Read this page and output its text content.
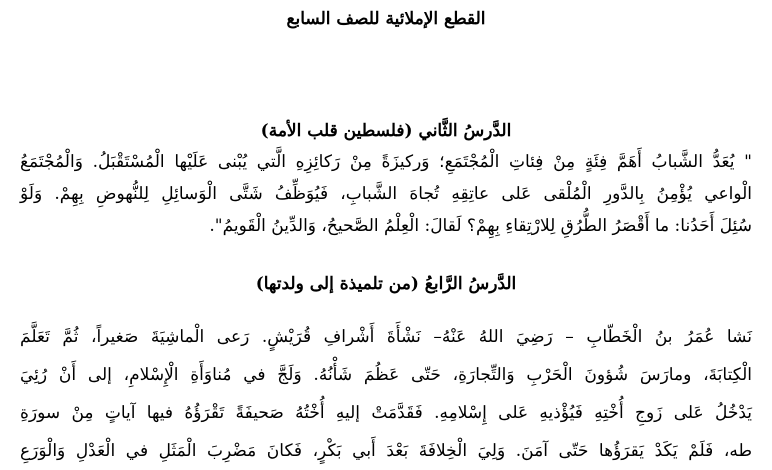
القطع الإملائية للصف السابع
الدَّرسُ الثَّاني (فلسطين قلب الأمة)
" يُعَدُّ الشَّبابُ أَهَمَّ فِئَةٍ مِنْ فِئاتِ الْمُجْتَمَعِ؛ وَركيزَةً مِنْ رَكائِزِهِ الَّتي يُبْنى عَلَيْها الْمُسْتَقْبَلُ. وَالْمُجْتَمَعُ
الْواعي يُؤْمِنُ بِالدَّورِ الْمُلْقى عَلى عاتِقِهِ تُجاهَ الشَّبابِ، فَيُوَظِّفُ شَتَّى الْوَسائِلِ لِلنُّهوضِ بِهِمْ. وَلَوْ
سُئِلَ أَحَدُنا: ما أَقْصَرُ الطُّرُقِ لِلارْتِقاءِ بِهِمْ؟ لَقالَ: الْعِلْمُ الصَّحيحُ، وَالدِّينُ الْقَويمُ".
الدَّرسُ الرَّابعُ (من تلميذة إلى ولدتها)
نَشا عُمَرُ بنُ الْخَطّابِ – رَضِيَ اللهُ عَنْهُ– نَشْأَةَ أَشْرافِ قُرَيْشٍ. رَعى الْماشِيَةَ صَغيراً، ثُمَّ تَعَلَّمَ
الْكِتابَةَ، ومارَسَ شُؤونَ الْحَرْبِ وَالتِّجارَةِ، حَتّى عَظُمَ شَأْنُهُ. وَلَجَّ في مُناوَأَةِ الْإِسْلامِ، إلى أَنْ رُئِيَ
يَدْخُلُ عَلى زَوجِ أُخْتِهِ فَيُؤْذيهِ عَلى إِسْلامِهِ. فَقَدَّمَتْ إليهِ أُخْتُهُ صَحيفَةً تَقْرَؤُهُ فيها آياتٍ مِنْ سورَةِ
طه، فَلَمْ يَكَدْ يَقرَؤُها حَتّى آمَنَ. وَلِيَ الْخِلافَةَ بَعْدَ أَبي بَكْرٍ، فَكانَ مَضْرِبَ الْمَثَلِ في الْعَدْلِ وَالْوَرَعِ
